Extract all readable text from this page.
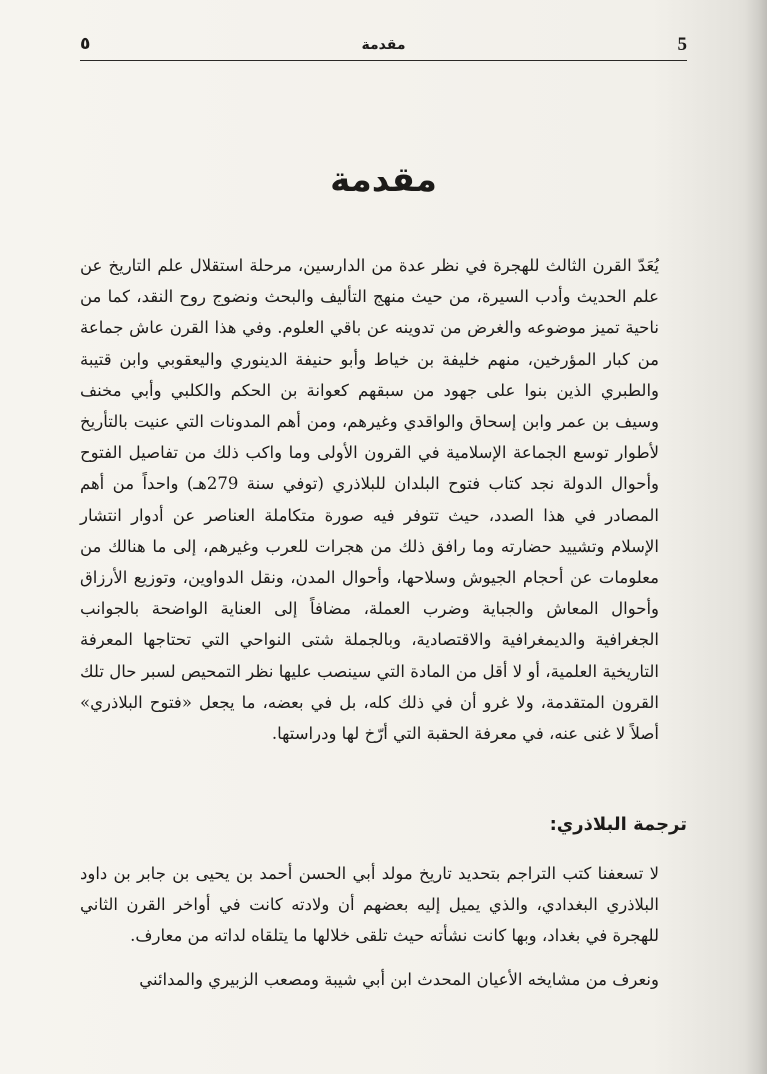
٥	مقدمة	5
مقدمة

يُعَدّ القرن الثالث للهجرة في نظر عدة من الدارسين، مرحلة استقلال علم التاريخ عن علم الحديث وأدب السيرة، من حيث منهج التأليف والبحث ونضوج روح النقد، كما من ناحية تميز موضوعه والغرض من تدوينه عن باقي العلوم. وفي هذا القرن عاش جماعة من كبار المؤرخين، منهم خليفة بن خياط وأبو حنيفة الدينوري واليعقوبي وابن قتيبة والطبري الذين بنوا على جهود من سبقهم كعوانة بن الحكم والكلبي وأبي مخنف وسيف بن عمر وابن إسحاق والواقدي وغيرهم، ومن أهم المدونات التي عنيت بالتأريخ لأطوار توسع الجماعة الإسلامية في القرون الأولى وما واكب ذلك من تفاصيل الفتوح وأحوال الدولة نجد كتاب فتوح البلدان للبلاذري (توفي سنة 279هـ) واحداً من أهم المصادر في هذا الصدد، حيث تتوفر فيه صورة متكاملة العناصر عن أدوار انتشار الإسلام وتشييد حضارته وما رافق ذلك من هجرات للعرب وغيرهم، إلى ما هنالك من معلومات عن أحجام الجيوش وسلاحها، وأحوال المدن، ونقل الدواوين، وتوزيع الأرزاق وأحوال المعاش والجباية وضرب العملة، مضافاً إلى العناية الواضحة بالجوانب الجغرافية والديمغرافية والاقتصادية، وبالجملة شتى النواحي التي تحتاجها المعرفة التاريخية العلمية، أو لا أقل من المادة التي سينصب عليها نظر التمحيص لسبر حال تلك القرون المتقدمة، ولا غرو أن في ذلك كله، بل في بعضه، ما يجعل «فتوح البلاذري» أصلاً لا غنى عنه، في معرفة الحقبة التي أرّخ لها ودراستها.

ترجمة البلاذري:

لا تسعفنا كتب التراجم بتحديد تاريخ مولد أبي الحسن أحمد بن يحيى بن جابر بن داود البلاذري البغدادي، والذي يميل إليه بعضهم أن ولادته كانت في أواخر القرن الثاني للهجرة في بغداد، وبها كانت نشأته حيث تلقى خلالها ما يتلقاه لداته من معارف.

ونعرف من مشايخه الأعيان المحدث ابن أبي شيبة ومصعب الزبيري والمدائني
